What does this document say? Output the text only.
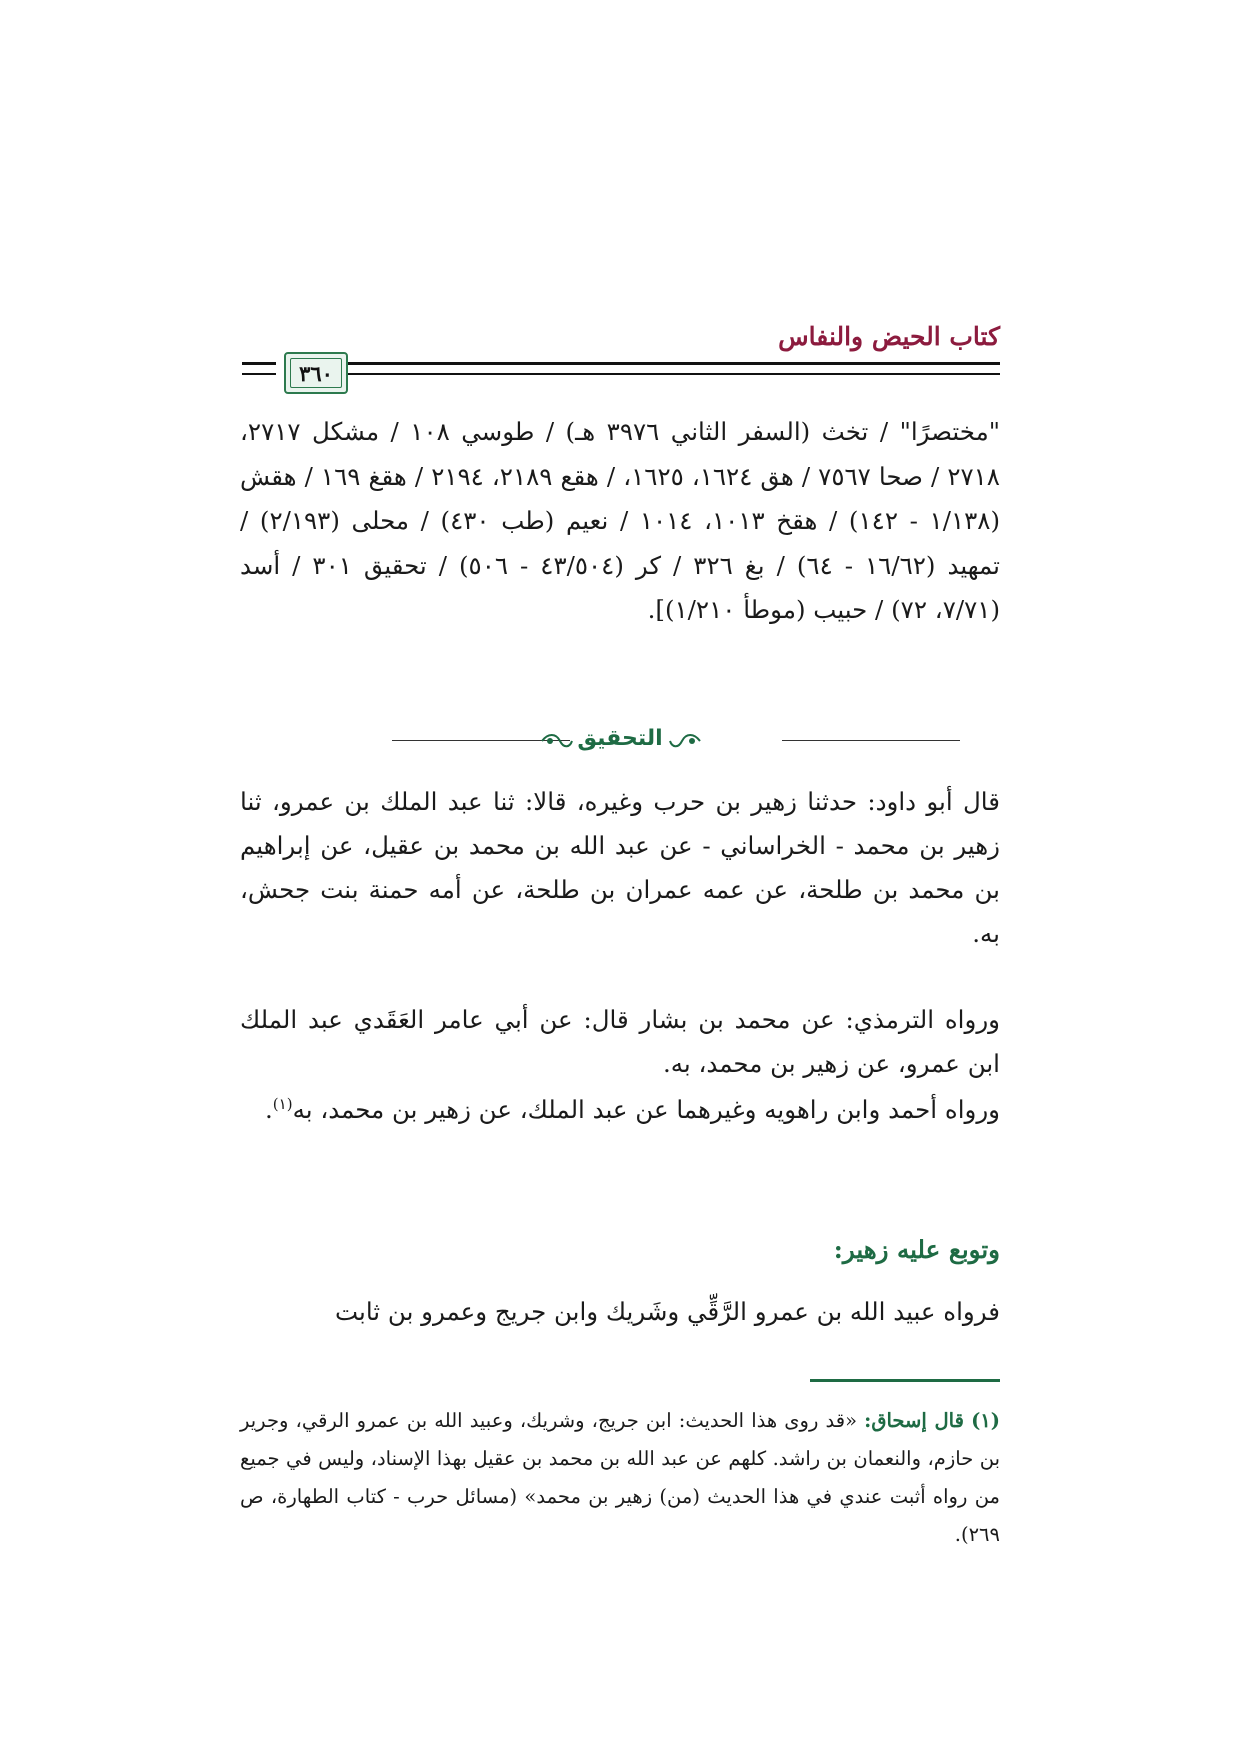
كتاب الحيض والنفاس
٣٦٠

"مختصرًا" / تخث (السفر الثاني ٣٩٧٦ هـ) / طوسي ١٠٨ / مشكل ٢٧١٧، ٢٧١٨ / صحا ٧٥٦٧ / هق ١٦٢٤، ١٦٢٥، / هقع ٢١٨٩، ٢١٩٤ / هقغ ١٦٩ / هقش (١/١٣٨ - ١٤٢) / هقخ ١٠١٣، ١٠١٤ / نعيم (طب ٤٣٠) / محلى (٢/١٩٣) / تمهيد (١٦/٦٢ - ٦٤) / بغ ٣٢٦ / كر (٤٣/٥٠٤ - ٥٠٦) / تحقيق ٣٠١ / أسد (٧/٧١، ٧٢) / حبيب (موطأ ١/٢١٠)].

التحقيق

قال أبو داود: حدثنا زهير بن حرب وغيره، قالا: ثنا عبد الملك بن عمرو، ثنا زهير بن محمد - الخراساني - عن عبد الله بن محمد بن عقيل، عن إبراهيم بن محمد بن طلحة، عن عمه عمران بن طلحة، عن أمه حمنة بنت جحش، به.

ورواه الترمذي: عن محمد بن بشار قال: عن أبي عامر العَقَدي عبد الملك ابن عمرو، عن زهير بن محمد، به.

ورواه أحمد وابن راهويه وغيرهما عن عبد الملك، عن زهير بن محمد، به$^{(١)}$.

وتوبع عليه زهير:

فرواه عبيد الله بن عمرو الرَّقِّي وشَريك وابن جريج وعمرو بن ثابت

(١) قال إسحاق: «قد روى هذا الحديث: ابن جريج، وشريك، وعبيد الله بن عمرو الرقي، وجرير بن حازم، والنعمان بن راشد. كلهم عن عبد الله بن محمد بن عقيل بهذا الإسناد، وليس في جميع من رواه أثبت عندي في هذا الحديث (من) زهير بن محمد» (مسائل حرب - كتاب الطهارة، ص ٢٦٩).
